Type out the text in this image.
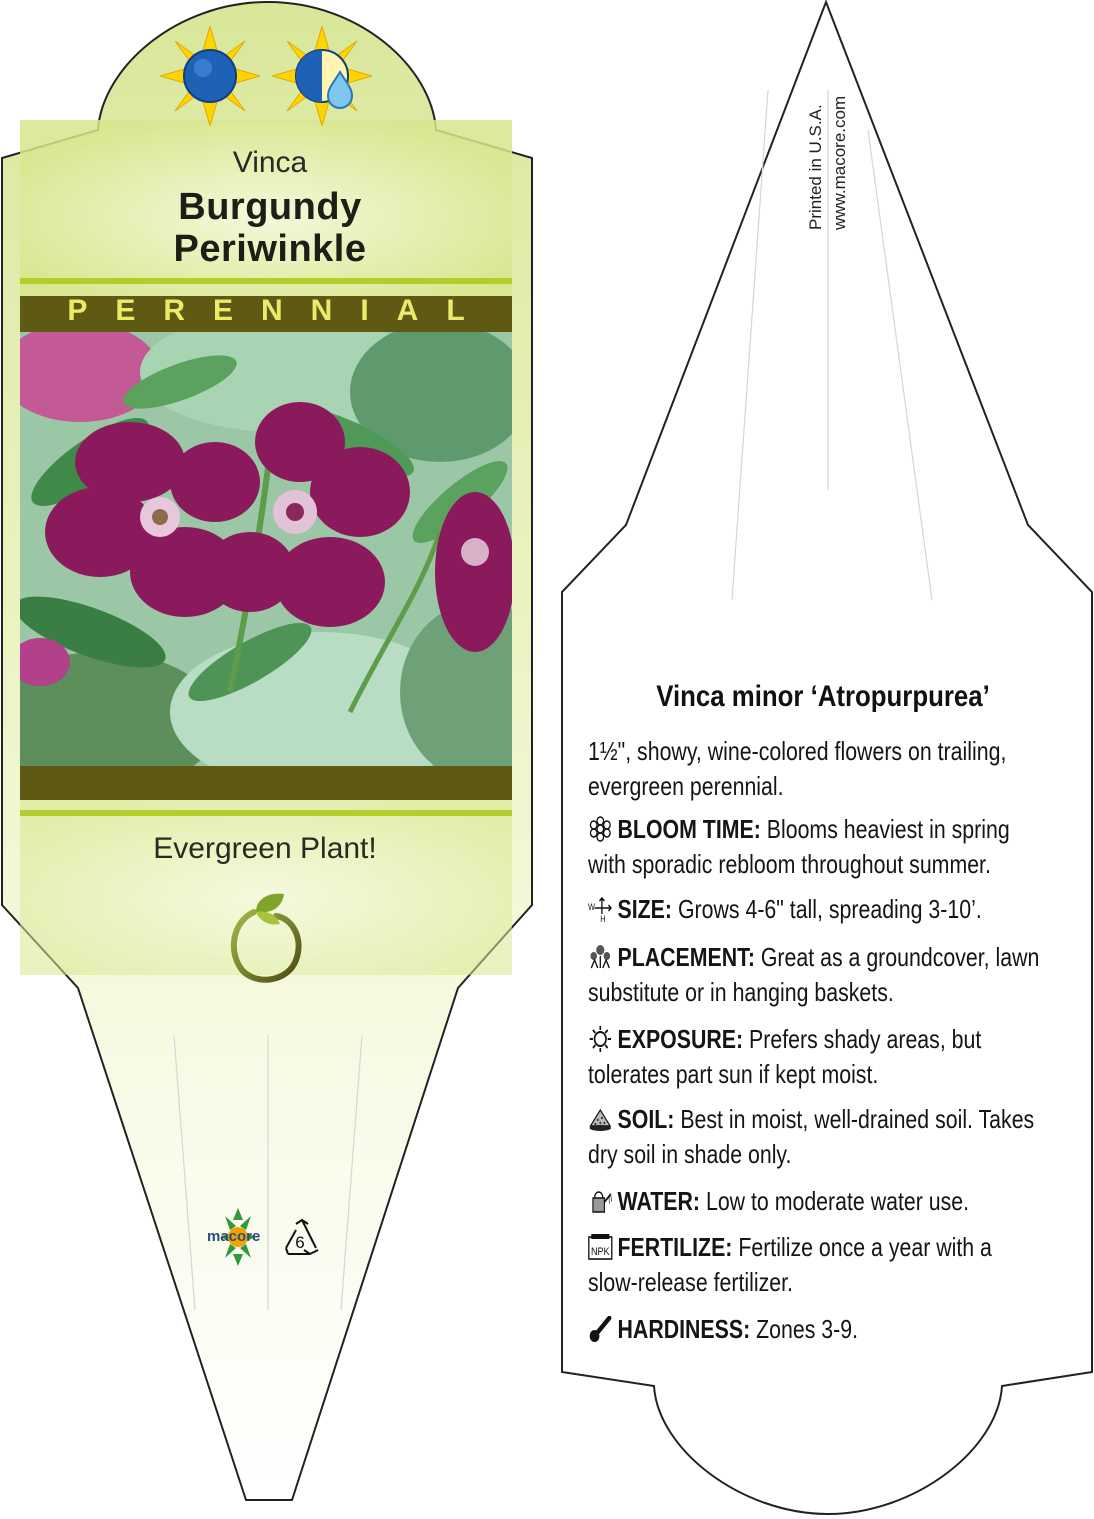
Vinca
Burgundy
Periwinkle
PERENNIAL
Evergreen Plant!
macore 6
Printed in U.S.A. www.macore.com
Vinca minor ‘Atropurpurea’
1½", showy, wine-colored flowers on trailing, evergreen perennial.
BLOOM TIME: Blooms heaviest in spring with sporadic rebloom throughout summer.
W
H SIZE: Grows 4-6" tall, spreading 3-10’.
PLACEMENT: Great as a groundcover, lawn substitute or in hanging baskets.
EXPOSURE: Prefers shady areas, but tolerates part sun if kept moist.
SOIL: Best in moist, well-drained soil. Takes dry soil in shade only.
WATER: Low to moderate water use.
NPK FERTILIZE: Fertilize once a year with a slow-release fertilizer.
HARDINESS: Zones 3-9.
